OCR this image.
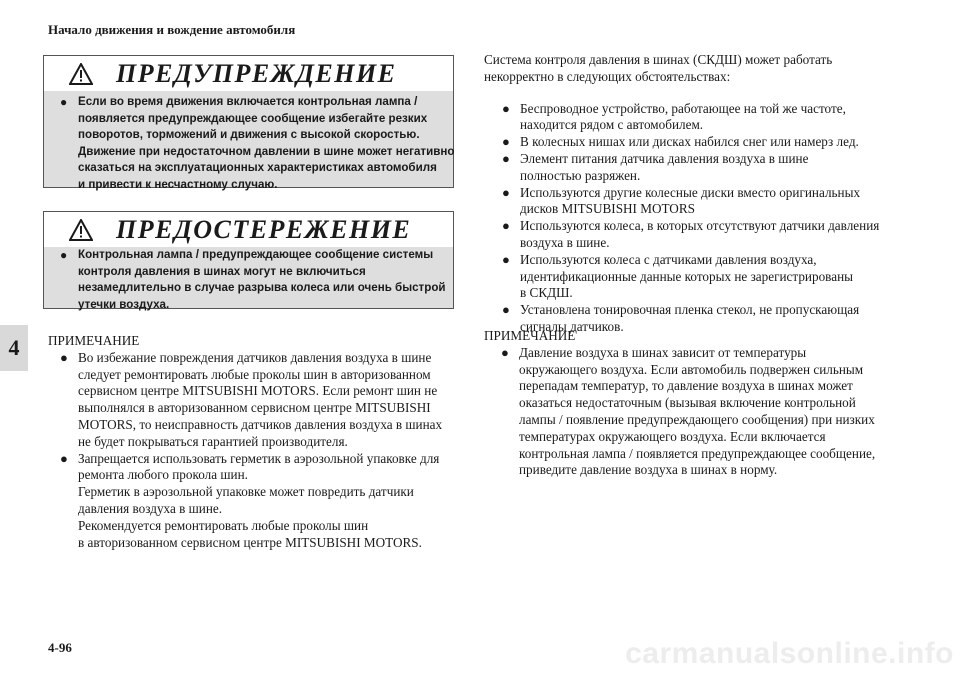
Начало движения и вождение автомобиля
4
ПРЕДУПРЕЖДЕНИЕ
● Если во время движения включается контрольная лампа /
появляется предупреждающее сообщение избегайте резких
поворотов, торможений и движения с высокой скоростью.
Движение при недостаточном давлении в шине может негативно
сказаться на эксплуатационных характеристиках автомобиля
и привести к несчастному случаю.
ПРЕДОСТЕРЕЖЕНИЕ
● Контрольная лампа / предупреждающее сообщение системы
контроля давления в шинах могут не включиться
незамедлительно в случае разрыва колеса или очень быстрой
утечки воздуха.
ПРИМЕЧАНИЕ
● Во избежание повреждения датчиков давления воздуха в шине
следует ремонтировать любые проколы шин в авторизованном
сервисном центре MITSUBISHI MOTORS. Если ремонт шин не
выполнялся в авторизованном сервисном центре MITSUBISHI
MOTORS, то неисправность датчиков давления воздуха в шинах
не будет покрываться гарантией производителя.
● Запрещается использовать герметик в аэрозольной упаковке для
ремонта любого прокола шин.
Герметик в аэрозольной упаковке может повредить датчики
давления воздуха в шине.
Рекомендуется ремонтировать любые проколы шин
в авторизованном сервисном центре MITSUBISHI MOTORS.
Система контроля давления в шинах (СКДШ) может работать
некорректно в следующих обстоятельствах:
● Беспроводное устройство, работающее на той же частоте,
находится рядом с автомобилем.
● В колесных нишах или дисках набился снег или намерз лед.
● Элемент питания датчика давления воздуха в шине
полностью разряжен.
● Используются другие колесные диски вместо оригинальных
дисков MITSUBISHI MOTORS
● Используются колеса, в которых отсутствуют датчики давления
воздуха в шине.
● Используются колеса с датчиками давления воздуха,
идентификационные данные которых не зарегистрированы
в СКДШ.
● Установлена тонировочная пленка стекол, не пропускающая
сигналы датчиков.
ПРИМЕЧАНИЕ
● Давление воздуха в шинах зависит от температуры
окружающего воздуха. Если автомобиль подвержен сильным
перепадам температур, то давление воздуха в шинах может
оказаться недостаточным (вызывая включение контрольной
лампы / появление предупреждающего сообщения) при низких
температурах окружающего воздуха. Если включается
контрольная лампа / появляется предупреждающее сообщение,
приведите давление воздуха в шинах в норму.
4-96	carmanualsonline.info
